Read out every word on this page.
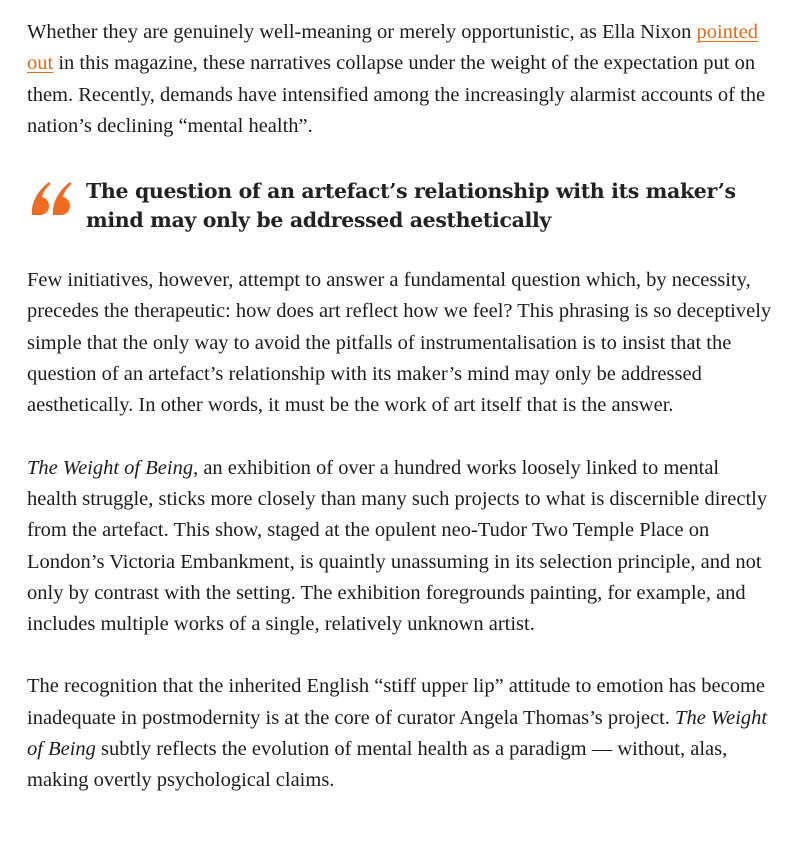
Whether they are genuinely well-meaning or merely opportunistic, as Ella Nixon pointed out in this magazine, these narratives collapse under the weight of the expectation put on them. Recently, demands have intensified among the increasingly alarmist accounts of the nation’s declining “mental health”.

The question of an artefact’s relationship with its maker’s mind may only be addressed aesthetically

Few initiatives, however, attempt to answer a fundamental question which, by necessity, precedes the therapeutic: how does art reflect how we feel? This phrasing is so deceptively simple that the only way to avoid the pitfalls of instrumentalisation is to insist that the question of an artefact’s relationship with its maker’s mind may only be addressed aesthetically. In other words, it must be the work of art itself that is the answer.

The Weight of Being, an exhibition of over a hundred works loosely linked to mental health struggle, sticks more closely than many such projects to what is discernible directly from the artefact. This show, staged at the opulent neo-Tudor Two Temple Place on London’s Victoria Embankment, is quaintly unassuming in its selection principle, and not only by contrast with the setting. The exhibition foregrounds painting, for example, and includes multiple works of a single, relatively unknown artist.

The recognition that the inherited English “stiff upper lip” attitude to emotion has become inadequate in postmodernity is at the core of curator Angela Thomas’s project. The Weight of Being subtly reflects the evolution of mental health as a paradigm — without, alas, making overtly psychological claims.
